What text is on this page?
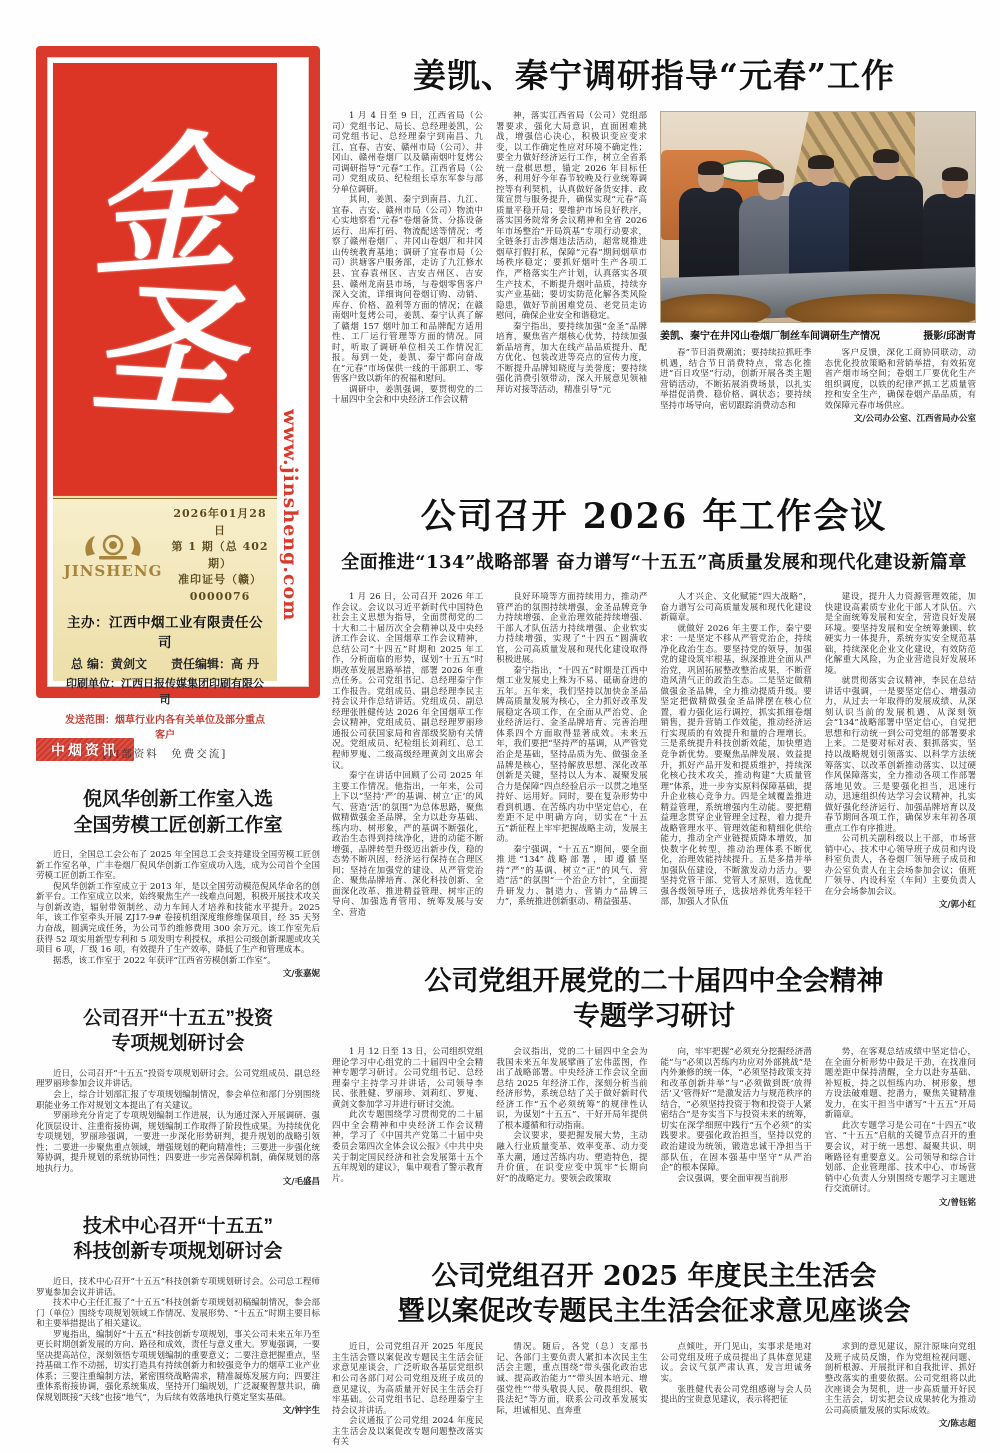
金
圣
JINSHENG
2026年01月28日
第 1 期（总 402 期）
准印证号（赣）0000076
主办：江西中烟工业有限责任公司
总 编：黄剑文　　责任编辑：高 丹
印刷单位：江西日报传媒集团印刷有限公司
发送范围：烟草行业内各有关单位及部分重点客户
[内部资料　免费交流]
www.jinsheng.com
中烟资讯
倪风华创新工作室入选
全国劳模工匠创新工作室

近日，全国总工会公布了 2025 年全国总工会支持建设全国劳模工匠创新工作室名单，广丰卷烟厂倪风华创新工作室成功入选，成为公司首个全国劳模工匠创新工作室。

倪风华创新工作室成立于 2013 年，是以全国劳动模范倪风华命名的创新平台。工作室成立以来，始终聚焦生产一线难点问题，积极开展技术攻关与创新改造，辐射带领制丝、动力车间人才培养和技能水平提升。2025 年，该工作室牵头开展 ZJ17-9# 卷接机组深度维修维保项目，经 35 天努力奋战，圆满完成任务，为公司节约维修费用 300 余万元。该工作室先后获得 52 项实用新型专利和 5 项发明专利授权，承担公司级创新课题或攻关项目 6 项，厂级 16 项，有效提升了生产效率，降低了生产和管理成本。

据悉，该工作室于 2022 年获评“江西省劳模创新工作室”。

文/张嘉妮

公司召开“十五五”投资
专项规划研讨会

近日，公司召开“十五五”投资专项规划研讨会。公司党组成员、副总经理罗丽珍参加会议并讲话。

会上，综合计划部汇报了专项规划编制情况，参会单位和部门分别围绕职能业务工作对规划文本提出了有关建议。

罗丽珍充分肯定了专项规划编制工作进展，认为通过深入开展调研、强化顶层设计、注重衔接协调，规划编制工作取得了阶段性成果。为持续优化专项规划，罗丽珍强调，一要进一步深化形势研判，提升规划的战略引领性；二要进一步聚焦重点领域，增强规划的靶向精准性；三要进一步强化统筹协调，提升规划的系统协同性；四要进一步完善保障机制，确保规划的落地执行力。

文/毛盛昌

技术中心召开“十五五”
科技创新专项规划研讨会

近日，技术中心召开“十五五”科技创新专项规划研讨会。公司总工程师罗嵬参加会议并讲话。

技术中心主任汇报了“十五五”科技创新专项规划初稿编制情况，参会部门（单位）围绕专项规划领域工作情况、发展形势、“十五五”时期主要目标和主要举措提出了相关建议。

罗嵬指出，编制好“十五五”科技创新专项规划，事关公司未来五年乃至更长时期创新发展的方向、路径和成效，责任与意义重大。罗嵬强调，一要坚决提高站位，深刻领悟专项规划编制的重要意义；二要注意把握重点，坚持基础工作不动摇，切实打造具有持续创新力和较强竞争力的烟草工业产业体系；三要注重编制方法，紧密围绕战略需求，精准凝炼发展方向；四要注重体系衔接协调，强化系统集成，坚持开门编规划，广泛凝聚智慧共识，确保规划既接“天线”也接“地气”，为后续有效落地执行奠定坚实基础。

文/钟宇生

姜凯、秦宁调研指导“元春”工作

1 月 4 日至 9 日，江西省局（公司）党组书记、局长、总经理姜凯，公司党组书记、总经理秦宁到南昌、九江、宜春、吉安、赣州市局（公司）、井冈山、赣州卷烟厂以及赣南烟叶复烤公司调研指导“元春”工作。江西省局（公司）党组成员、纪检组长卓东军参与部分单位调研。

其间，姜凯、秦宁到南昌、九江、宜春、吉安、赣州市局（公司）物流中心实地察看“元春”卷烟备货、分拣设备运行、出库打码、物流配送等情况；考察了赣州卷烟厂、井冈山卷烟厂和井冈山传统教育基地；调研了宜春市局（公司）洪塘客户服务部，走访了九江修水县、宜春袁州区、吉安吉州区、吉安县、赣州龙南县市场，与卷烟零售客户深入交流，详细询问卷烟订购、动销、库存、价格、盈利等方面的情况；在赣南烟叶复烤公司，姜凯、秦宁认真了解了赣烟 157 烟叶加工和品牌配方适用性、工厂运行管理等方面的情况。同时，听取了调研单位相关工作情况汇报。每到一处，姜凯、秦宁都向奋战在“元春”市场保供一线的干部职工、零售客户致以新年的祝福和慰问。

调研中，姜凯强调，要贯彻党的二十届四中全会和中央经济工作会议精

神，落实江西省局（公司）党组部署要求，强化大局意识，直面困难挑战，增强信心决心，积极识变应变求变，以工作确定性应对环境不确定性；要全力做好经济运行工作，树立全省系统一盘棋思想，锚定 2026 年目标任务，利用好今年春节较晚及行业统筹调控等有利契机，认真做好备货安排、政策宣贯与服务提升，确保实现“元春”高质量平稳开局；要维护市场良好秩序，落实国务院常务会议精神和全省 2026 年市场整治“开局筑基”专项行动要求，全链条打击涉烟违法活动，超常规推进烟草打假打私，保障“元春”期间烟草市场秩序稳定；要抓好烟叶生产各项工作，严格落实生产计划，认真落实各项生产技术，不断提升烟叶品质，持续夯实产业基础；要切实防范化解各类风险隐患，做好节前困难党员、老党员走访慰问，确保企业安全和谐稳定。

秦宁指出，要持续加强“金圣”品牌培育，聚焦省产烟核心优势，持续加强新品培育，加大在线产品品质提升、配方优化、包装改进等亮点的宣传力度，不断提升品牌知晓度与美誉度；要持续强化消费引领带动，深入开展意见领袖拜访对接等活动，精准引导“元

姜凯、秦宁在井冈山卷烟厂制丝车间调研生产情况	摄影/邱澍青

春”节日消费潮流；要持续拉抓旺季机遇，结合节日消费特点，常态化推进“百日攻坚”行动，创新开展各类主题营销活动，不断拓展消费场景，以扎实举措促消费、稳价格、调状态；要持续坚持市场导向，密切跟踪消费动态和

客户反馈，深化工商协同联动，动态优化投放策略和营销举措，有效拓宽省产烟市场空间；卷烟工厂要优化生产组织调度，以铁的纪律严抓工艺质量管控和安全生产，确保卷烟产品品质，有效保障元春市场供应。

文/公司办公室、江西省局办公室

公司召开 2026 年工作会议
全面推进“134”战略部署 奋力谱写“十五五”高质量发展和现代化建设新篇章

1 月 26 日，公司召开 2026 年工作会议。会议以习近平新时代中国特色社会主义思想为指导，全面贯彻党的二十大和二十届历次全会精神以及中央经济工作会议、全国烟草工作会议精神，总结公司“十四五”时期和 2025 年工作，分析面临的形势，谋划“十五五”时期改革发展思路举措，部署 2026 年重点任务。公司党组书记、总经理秦宁作工作报告。党组成员、副总经理李民主持会议并作总结讲话。党组成员、副总经理张胜健传达 2026 年全国烟草工作会议精神，党组成员、副总经理罗丽珍通报公司获国家局和省部级奖励有关情况。党组成员、纪检组长刘莉红、总工程师罗嵬、二级高级经理黄剑文出席会议。

秦宁在讲话中回顾了公司 2025 年主要工作情况。他指出，一年来，公司上下以“坚持‘严’的基调、树立‘正’的风气、营造‘活’的氛围”为总体思路，聚焦做精做强金圣品牌，全力以赴夯基础、练内功、树形象，严的基调不断强化，政治生态得到持续净化，进的动能不断增强，品牌转型升级迈出新步伐，稳的态势不断巩固，经济运行保持在合理区间；坚持在加强党的建设、从严管党治企、聚焦品牌培育、深化科技创新、全面深化改革、推进精益管理、树牢正的导向、加强选育管用、统筹发展与安全、营造

良好环境等方面持续用力，推动严管严治的氛围持续增强，金圣品牌竞争力持续增强、企业治理效能持续增强、干部人才队伍活力持续增强、企业软实力持续增强，实现了“十四五”圆满收官，公司高质量发展和现代化建设取得积极进展。

秦宁指出，“十四五”时期是江西中烟工业发展史上殊为不易、砥砺奋进的五年。五年来，我们坚持以加快金圣品牌高质量发展为核心，全力抓好改革发展稳定各项工作，在全面从严治党、企业经济运行、金圣品牌培育、完善治理体系四个方面取得显著成效。未来五年，我们要把“坚持严的基调，从严管党治企是基础，坚持品质为先、做强金圣品牌是核心，坚持解放思想、深化改革创新是关键，坚持以人为本、凝聚发展合力是保障”四点经验启示一以贯之地坚持好、运用好。同时，要在复杂形势中看到机遇、在苦练内功中坚定信心，在差距不足中明确方向，切实在“十五五”新征程上牢牢把握战略主动，发展主动。

秦宁强调，“十五五”期间，要全面推进“134”战略部署，即遵循坚持“严”的基调、树立“正”的风气、营造“活”的氛围“一个治企方针”，全面提升研发力、制造力、营销力“品牌三力”，系统推进创新驱动、精益强基、

人才兴企、文化赋能“四大战略”，奋力谱写公司高质量发展和现代化建设新篇章。

就做好 2026 年主要工作，秦宁要求：一是坚定不移从严管党治企，持续净化政治生态。要坚持党的领导，加强党的建设筑牢根基，纵深推进全面从严治党，巩固拓展整改整治成果，不断营造风清气正的政治生态。二是坚定做精做强金圣品牌，全力推动提质升级。要坚定把做精做强金圣品牌摆在核心位置，着力强化运行调控，抓实抓细卷烟销售，提升营销工作效能，推动经济运行实现质的有效提升和量的合理增长。三是系统提升科技创新效能，加快塑造竞争新优势。要聚焦品牌发展、效益提升，抓好产品开发和提质维护，持续深化核心技术攻关，推动构建“大质量管理”体系，进一步夯实原料保障基础，提升企业核心竞争力。四是全域覆盖推进精益管理，系统增强内生动能。要把精益理念贯穿企业管理全过程，着力提升战略管理水平、管理效能和精细化供给能力，推动全产业链提质降本增效，加快数字化转型，推动治理体系不断优化，治理效能持续提升。五是多措并举加强队伍建设，不断激发动力活力。要坚持党管干部、党管人才原则，选优配强各级领导班子，选拔培养优秀年轻干部，加强人才队伍

建设，提升人力资源管理效能，加快建设高素质专业化干部人才队伍。六是全面统筹发展和安全，营造良好发展环境。要坚持发展和安全统筹兼顾、软硬实力一体提升，系统夯实安全规范基础，持续深化企业文化建设，有效防范化解重大风险，为企业营造良好发展环境。

就贯彻落实会议精神，李民在总结讲话中强调，一是要坚定信心、增强动力，从过去一年取得的发展成绩、从深刻认识当前的发展机遇、从深刻领会“134”战略部署中坚定信心，自觉把思想和行动统一到公司党组的部署要求上来。二是要对标对表、狠抓落实，坚持以战略规划引领落实、以科学方法统筹落实、以改革创新推动落实、以过硬作风保障落实，全力推动各项工作部署落地见效。三是要强化担当，迅速行动，迅速组织传达学习会议精神，扎实做好强化经济运行、加强品牌培育以及春节期间各项工作，确保岁末年初各项重点工作有序推进。

公司机关副科级以上干部，市场营销中心、技术中心领导班子成员和内设科室负责人，各卷烟厂领导班子成员和办公室负责人在主会场参加会议；值班厂领导、内设科室（车间）主要负责人在分会场参加会议。

文/郭小红

公司党组开展党的二十届四中全会精神
专题学习研讨

1 月 12 日至 13 日，公司组织党组理论学习中心组党的二十届四中全会精神专题学习研讨。公司党组书记、总经理秦宁主持学习并讲话，公司领导李民、张胜健、罗丽珍、刘莉红、罗嵬、黄剑文参加学习并进行研讨交流。

此次专题围绕学习贯彻党的二十届四中全会精神和中央经济工作会议精神，学习了《中国共产党第二十届中央委员会第四次全体会议公报》《中共中央关于制定国民经济和社会发展第十五个五年规划的建议》，集中观看了警示教育片。

会议指出，党的二十届四中全会为我国未来五年发展擘画了宏伟蓝图，作出了战略部署。中央经济工作会议全面总结 2025 年经济工作，深刻分析当前经济形势，系统总结了关于做好新时代经济工作“五个必须统筹”的规律性认识，为谋划“十五五”、干好开局年提供了根本遵循和行动指南。

会议要求，要把握发展大势，主动融入行业质量变革、效率变革、动力变革大潮，通过苦练内功、塑造特色，提升价值，在识变应变中筑牢“长期向好”的战略定力。要领会政策取

向，牢牢把握“必须充分挖掘经济潜能”与“必须以苦练内功应对外部挑战”是内外兼修的统一体，“必须坚持政策支持和改革创新并举”与“必须做到既‘放得活’又‘管得好’”是激发活力与规范秩序的结合，“必须坚持投资于物和投资于人紧密结合”是夯实当下与投资未来的统筹，切实在深学细照中践行“五个必须”的实践要求。要强化政治担当，坚持以党的政治建设为统领，锻造忠诚干净担当干部队伍，在固本强基中坚守“从严治企”的根本保障。

会议强调，要全面审视当前形

势，在客观总结成绩中坚定信心，在全面分析形势中鼓足干劲，在找准问题差距中保持清醒，全力以赴夯基础、补短板，持之以恒练内功、树形象，想方设法破难题、挖潜力，聚焦关键精准发力，在实干担当中谱写“十五五”开局新篇章。

此次专题学习是公司在“十四五”收官、“十五五”启航的关键节点召开的重要会议，对于统一思想、凝聚共识、明晰路径有重要意义。公司领导和综合计划部、企业管理部、技术中心、市场营销中心负责人分别围绕专题学习主题进行交流研讨。

文/曾钰铭

公司党组召开 2025 年度民主生活会
暨以案促改专题民主生活会征求意见座谈会

近日，公司党组召开 2025 年度民主生活会暨以案促改专题民主生活会征求意见座谈会，广泛听取各基层党组织和公司各部门对公司党组及班子成员的意见建议，为高质量开好民主生活会打牢基础。公司党组书记、总经理秦宁主持会议并讲话。

会议通报了公司党组 2024 年度民主生活会及以案促改专题问题整改落实有关

情况。随后，各党（总）支部书记、各部门主要负责人紧扣本次民主生活会主题，重点围绕“带头强化政治忠诚、提高政治能力”“带头固本培元、增强党性”“带头敬畏人民、敬畏组织、敬畏法纪”等方面，联系公司改革发展实际，坦诚相见、直奔重

点倾吐，开门见山，实事求是地对公司党组及班子成员提出了具体意见建议。会议气氛严肃认真，发言坦诚务实。

张胜健代表公司党组感谢与会人员提出的宝贵意见建议，表示将把征

求到的意见建议，原汁原味向党组及班子成员反馈，作为党组检视问题、剖析根源、开展批评和自我批评、抓好整改落实的重要依据。公司党组将以此次座谈会为契机，进一步高质量开好民主生活会，切实把会议成果转化为推动公司高质量发展的实际成效。

文/陈志超
